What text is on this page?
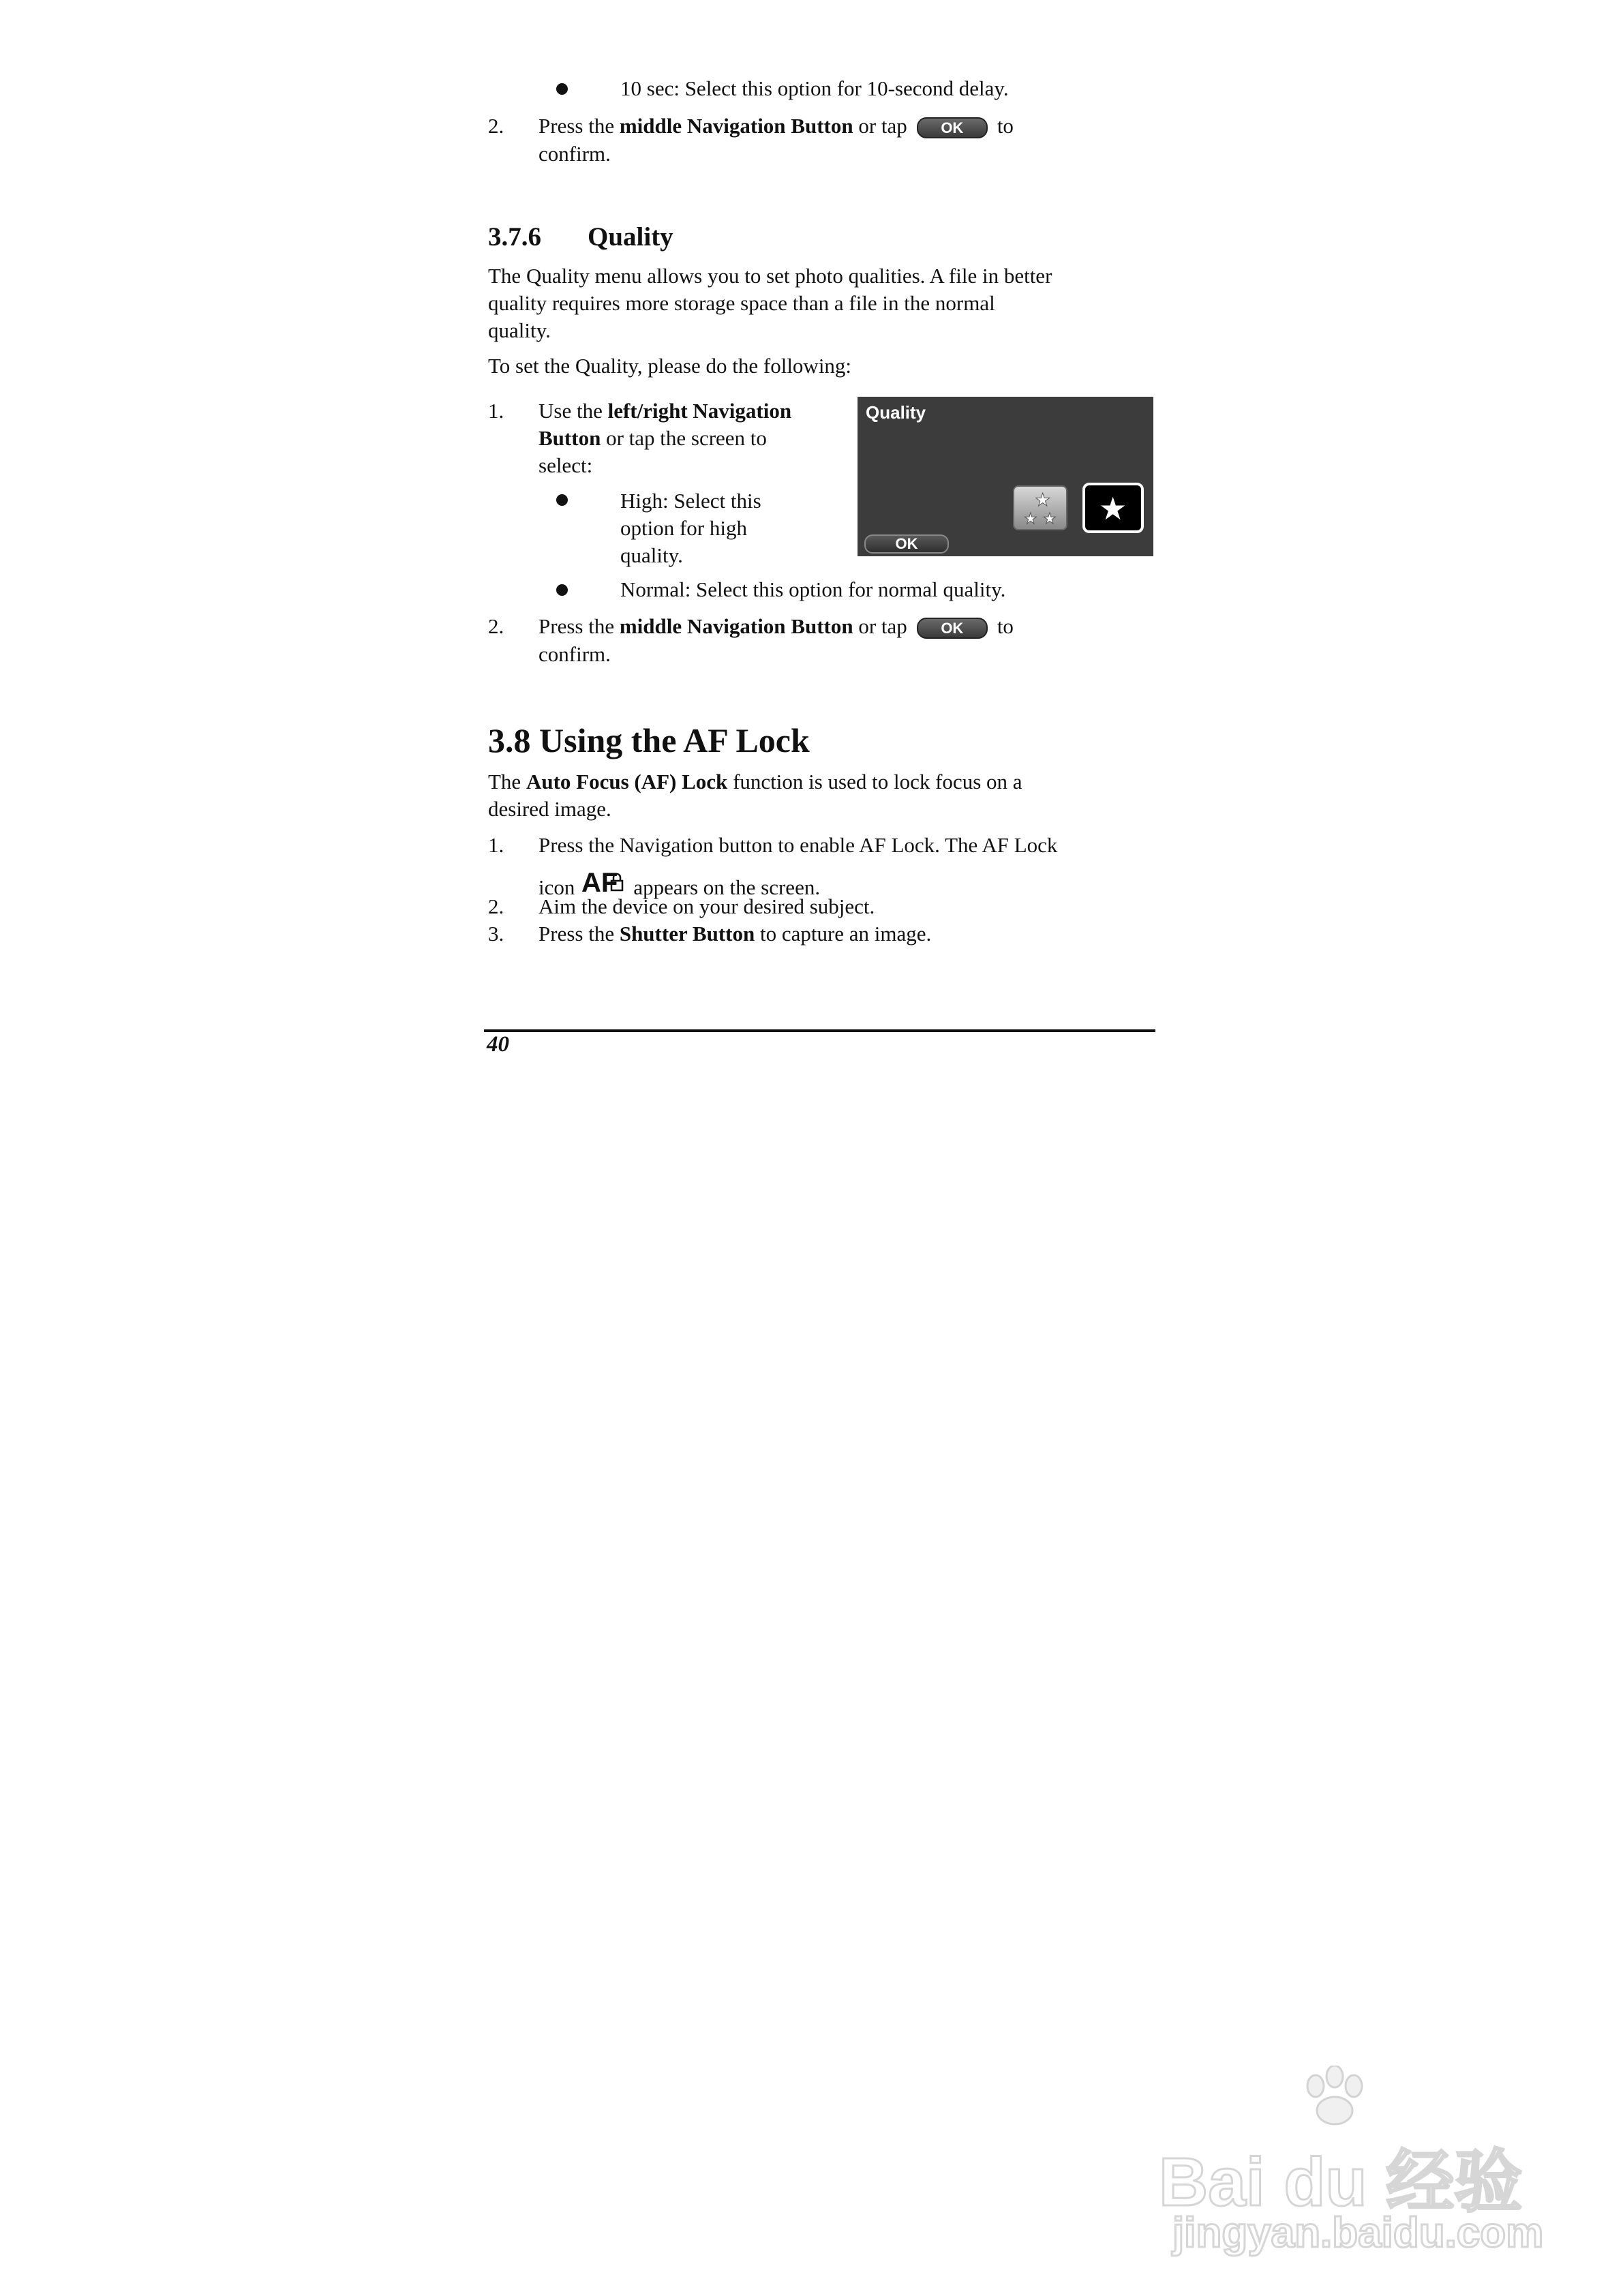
10 sec: Select this option for 10-second delay.
2. Press the middle Navigation Button or tap OK to
confirm.
3.7.6 Quality
The Quality menu allows you to set photo qualities. A file in better
quality requires more storage space than a file in the normal
quality.
To set the Quality, please do the following:
1. Use the left/right Navigation
Button or tap the screen to
select:
High: Select this
option for high
quality.
Quality
★
★ ★ ★
OK
Normal: Select this option for normal quality.
2. Press the middle Navigation Button or tap OK to
confirm.
3.8 Using the AF Lock
The Auto Focus (AF) Lock function is used to lock focus on a
desired image.
1. Press the Navigation button to enable AF Lock. The AF Lock
icon AF appears on the screen.
2. Aim the device on your desired subject.
3. Press the Shutter Button to capture an image.
40
Bai du 经验
jingyan.baidu.com
